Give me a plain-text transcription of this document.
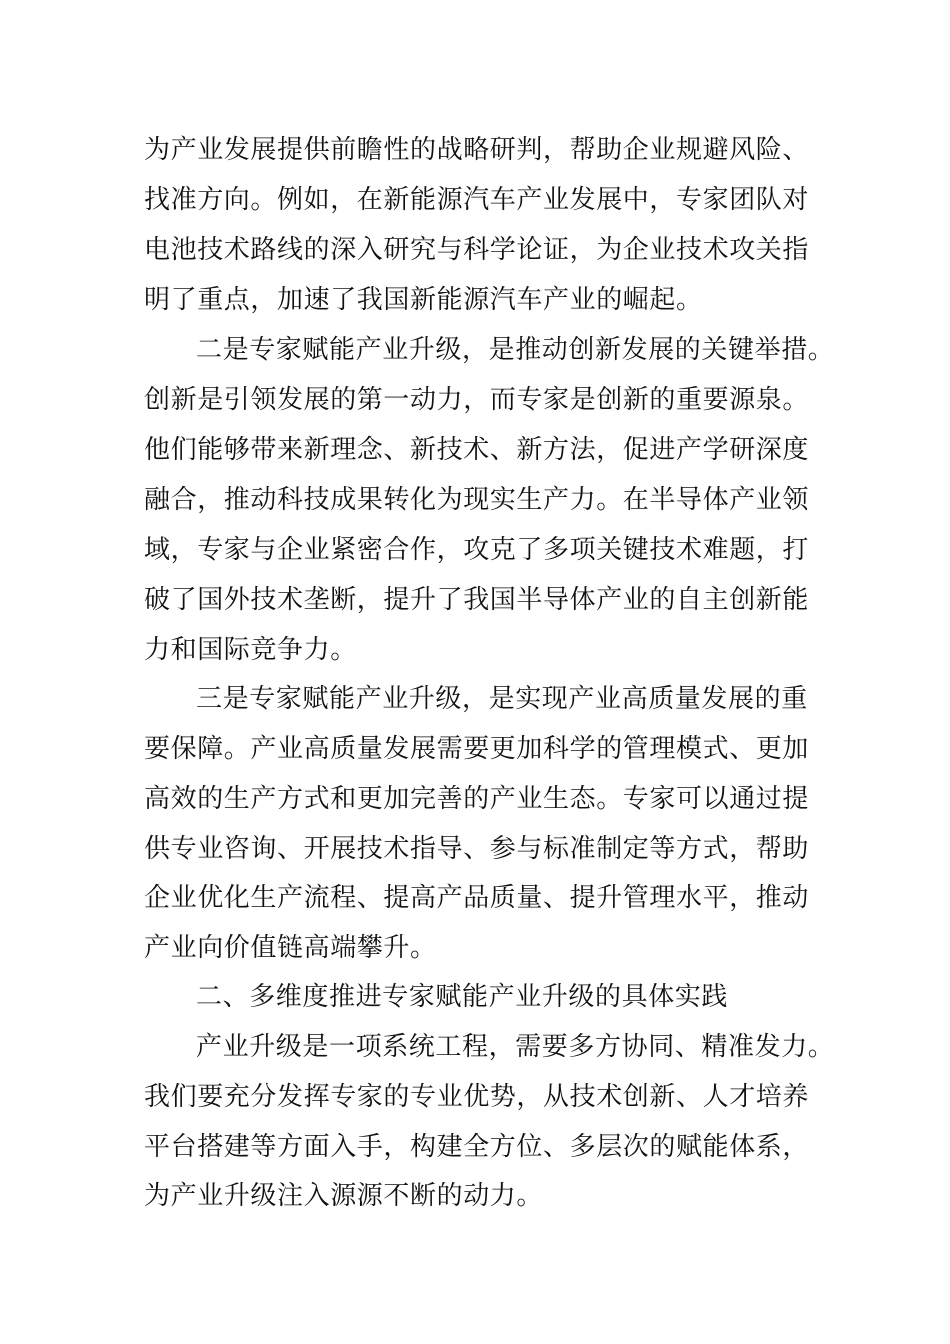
为产业发展提供前瞻性的战略研判，帮助企业规避风险、
找准方向。例如，在新能源汽车产业发展中，专家团队对
电池技术路线的深入研究与科学论证，为企业技术攻关指
明了重点，加速了我国新能源汽车产业的崛起。
二是专家赋能产业升级，是推动创新发展的关键举措。
创新是引领发展的第一动力，而专家是创新的重要源泉。
他们能够带来新理念、新技术、新方法，促进产学研深度
融合，推动科技成果转化为现实生产力。在半导体产业领
域，专家与企业紧密合作，攻克了多项关键技术难题，打
破了国外技术垄断，提升了我国半导体产业的自主创新能
力和国际竞争力。
三是专家赋能产业升级，是实现产业高质量发展的重
要保障。产业高质量发展需要更加科学的管理模式、更加
高效的生产方式和更加完善的产业生态。专家可以通过提
供专业咨询、开展技术指导、参与标准制定等方式，帮助
企业优化生产流程、提高产品质量、提升管理水平，推动
产业向价值链高端攀升。
二、多维度推进专家赋能产业升级的具体实践
产业升级是一项系统工程，需要多方协同、精准发力。
我们要充分发挥专家的专业优势，从技术创新、人才培养
平台搭建等方面入手，构建全方位、多层次的赋能体系，
为产业升级注入源源不断的动力。
